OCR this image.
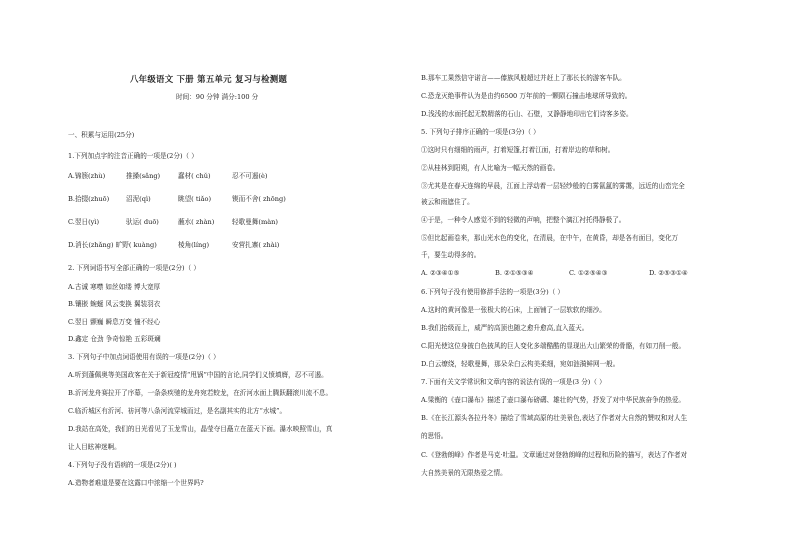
八年级语文 下册 第五单元 复习与检测题
时间：90 分钟 满分:100 分
一、积累与运用(25分)
1.下列加点字的注音正确的一项是(2分)（ ）
A.锦簇(zhù)	推搡(sǎng)	蠢材( chǔ)	忍不可遏(è)
B.拾掇(zhuō)	沼泥(qì)	眺望( tiǎo)	锲而不舍( zhōng)
C.翌日(yì)	驮运( duō)	蘸水( zhàn)	轻歌曼舞(màn)
D.消长(zhǎng) 旷野( kuàng)	棱角(líng)	安营扎寨( zhài)
2. 下列词语书写全部正确的一项是(2分)（ ）
A.古诚 寒噤 如丝如缕 博大宽厚
B.镶嵌 蜿蜒 风云变换 翼装羽衣
C.翌日 颤巍 瞬息万变 憧不经心
D.鑫定 仓劲 争奇惊艳 五彩斑斓
3. 下列句子中加点词语使用有误的一项是(2分)（ ）
A.听到蓬佩奥等美国政客在关于新冠疫情“甩锅”中国的言论,同学们义愤填膺，忍不可遏。
B.沂河龙舟赛拉开了序幕，一条条疾驰的龙舟宛若蛟龙，在沂河水面上腾跃翻滚川流不息。
C.临沂城区有沂河、祊河等八条河流穿城而过，是名副其实的北方“水城”。
D.我站在高处，我们的日光看见了玉龙雪山，晶莹夺目矗立在蓝天下面。瀑水映照雪山，真
让人目眩神迷啊。
4.下列句子没有语病的一项是(2分)( )
A.造物者难道是要在这露口中浓缩一个世界吗?
B.那车工果然信守诺言——傣族风般超过并赶上了那长长的游客车队。
C.恐龙灭绝事件认为是由约6500 万年前的一颗陨石撞击地球所导致的。
D.浅浅的水面托起无数精落的石山、石壁，又静静地印出它们诗客多姿。
5. 下列句子排序正确的一项是(3分)（ ）
①这时只有细细的雨声，打着短篷,打着江面，打着岸边的草和树。
②从桂林到阳朔，有人比喻为一幅天然的画卷。
③尤其是在春天连绵的早晨，江面上浮动着一层轻纱般的白雾氤氲的雾霭，远近的山峦完全
被云和雨遮住了。
④于是，一种令人感觉不到的轻微的声响，把整个漓江衬托得静极了。
⑤但比起画卷来，那山光水色的变化，在清晨，在中午，在黄昏，却是各有面目，变化万
千，要生动得多的。
A. ②③④①⑤	B. ②①⑤③④	C. ①②⑤④③	D. ②⑤③①④
6.下列句子没有使用修辞手法的一项是(3分)（ ）
A.这时的黄河像是一张极大的石床，上面铺了一层软软的细沙。
B.我们抬级而上，威严的高顶也随之愈升愈高,直入蓝天。
C.阳光使这位身披白色披风的巨人变化多端酷酷的显现出大山繁荣的骨骼，有如刀削一般。
D.白云缭绕，轻歌曼舞，那朵朵白云构美柔细，宛如涟漪鲜网一般。
7.下面有关文学常识和文章内容的说法有误的一项是(3 分)（ ）
A.梁衡的《壶口瀑布》描述了壶口瀑布磅礴、雄壮的气势，抒发了对中华民族奋争的热爱。
B.《在长江源头各拉丹冬》描绘了雪域高原的壮美景色,表达了作者对大自然的赞叹和对人生
的思悟。
C.《登勃朗峰》作者是马克·吐温。文章通过对登勃朗峰的过程和历险的描写，表达了作者对
大自然美景的无限热爱之情。
